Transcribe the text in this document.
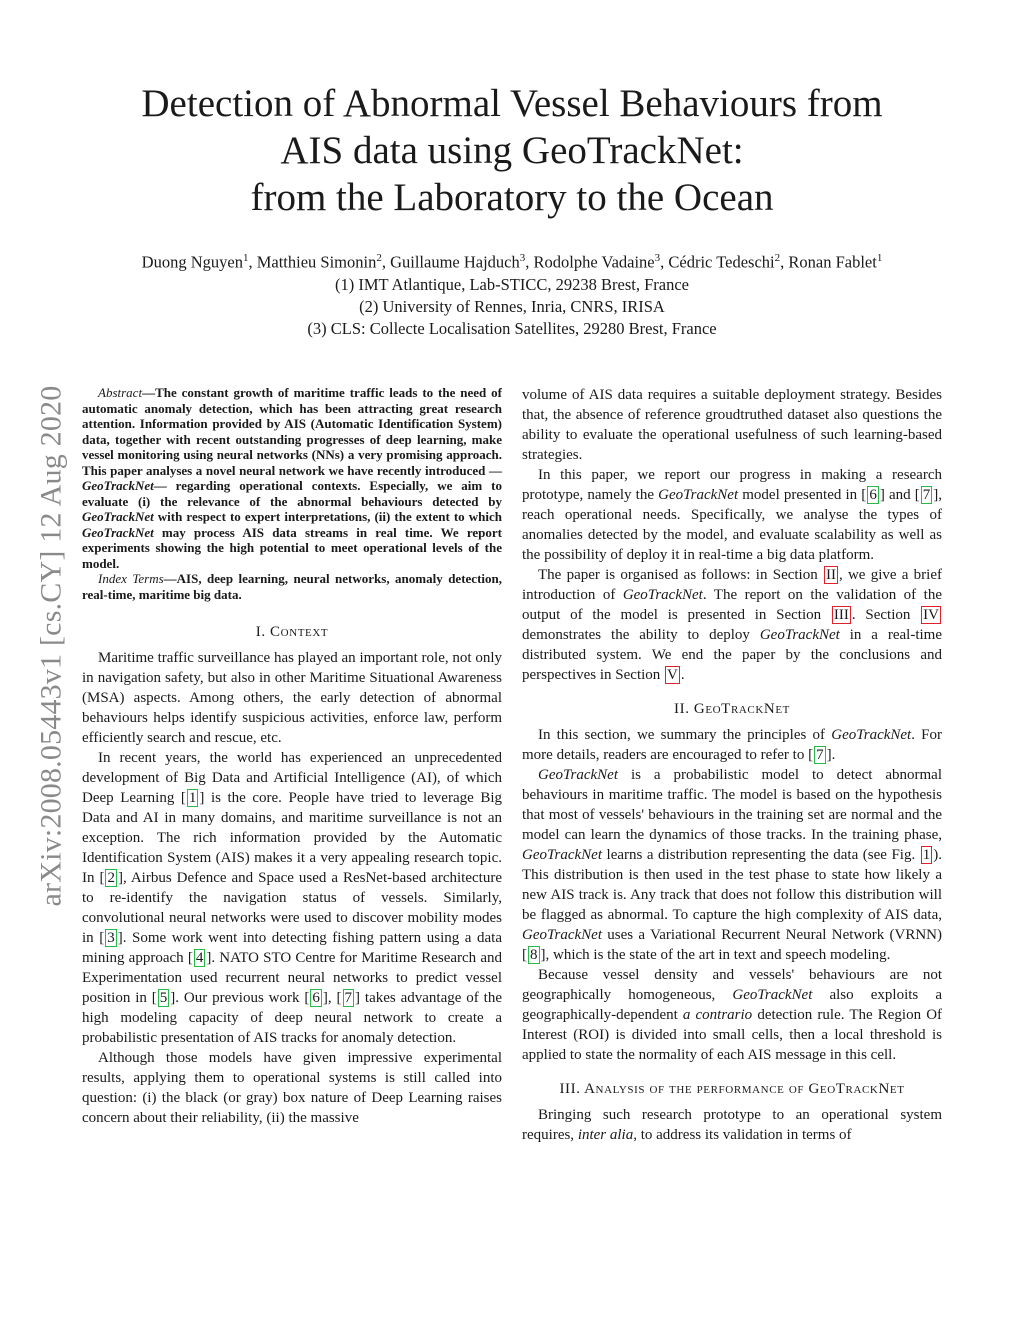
arXiv:2008.05443v1 [cs.CY] 12 Aug 2020
Detection of Abnormal Vessel Behaviours from
AIS data using GeoTrackNet:
from the Laboratory to the Ocean
Duong Nguyen$^1$, Matthieu Simonin$^2$, Guillaume Hajduch$^3$, Rodolphe Vadaine$^3$, Cédric Tedeschi$^2$, Ronan Fablet$^1$
(1) IMT Atlantique, Lab-STICC, 29238 Brest, France
(2) University of Rennes, Inria, CNRS, IRISA
(3) CLS: Collecte Localisation Satellites, 29280 Brest, France

Abstract—The constant growth of maritime traffic leads to the need of automatic anomaly detection, which has been attracting great research attention. Information provided by AIS (Automatic Identification System) data, together with recent outstanding progresses of deep learning, make vessel monitoring using neural networks (NNs) a very promising approach. This paper analyses a novel neural network we have recently introduced —GeoTrackNet— regarding operational contexts. Especially, we aim to evaluate (i) the relevance of the abnormal behaviours detected by GeoTrackNet with respect to expert interpretations, (ii) the extent to which GeoTrackNet may process AIS data streams in real time. We report experiments showing the high potential to meet operational levels of the model.

Index Terms—AIS, deep learning, neural networks, anomaly detection, real-time, maritime big data.

I. Context

Maritime traffic surveillance has played an important role, not only in navigation safety, but also in other Maritime Situational Awareness (MSA) aspects. Among others, the early detection of abnormal behaviours helps identify suspicious activities, enforce law, perform efficiently search and rescue, etc.

In recent years, the world has experienced an unprecedented development of Big Data and Artificial Intelligence (AI), of which Deep Learning [ 1 ] is the core. People have tried to leverage Big Data and AI in many domains, and maritime surveillance is not an exception. The rich information provided by the Automatic Identification System (AIS) makes it a very appealing research topic. In [ 2 ], Airbus Defence and Space used a ResNet-based architecture to re-identify the navigation status of vessels. Similarly, convolutional neural networks were used to discover mobility modes in [ 3 ]. Some work went into detecting fishing pattern using a data mining approach [ 4 ]. NATO STO Centre for Maritime Research and Experimentation used recurrent neural networks to predict vessel position in [ 5 ]. Our previous work [ 6 ], [ 7 ] takes advantage of the high modeling capacity of deep neural network to create a probabilistic presentation of AIS tracks for anomaly detection.

Although those models have given impressive experimental results, applying them to operational systems is still called into question: (i) the black (or gray) box nature of Deep Learning raises concern about their reliability, (ii) the massive

volume of AIS data requires a suitable deployment strategy. Besides that, the absence of reference groudtruthed dataset also questions the ability to evaluate the operational usefulness of such learning-based strategies.

In this paper, we report our progress in making a research prototype, namely the GeoTrackNet model presented in [ 6 ] and [ 7 ], reach operational needs. Specifically, we analyse the types of anomalies detected by the model, and evaluate scalability as well as the possibility of deploy it in real-time a big data platform.

The paper is organised as follows: in Section II , we give a brief introduction of GeoTrackNet. The report on the validation of the output of the model is presented in Section III . Section IV demonstrates the ability to deploy GeoTrackNet in a real-time distributed system. We end the paper by the conclusions and perspectives in Section V .

II. GeoTrackNet

In this section, we summary the principles of GeoTrackNet. For more details, readers are encouraged to refer to [ 7 ].

GeoTrackNet is a probabilistic model to detect abnormal behaviours in maritime traffic. The model is based on the hypothesis that most of vessels' behaviours in the training set are normal and the model can learn the dynamics of those tracks. In the training phase, GeoTrackNet learns a distribution representing the data (see Fig. 1 ). This distribution is then used in the test phase to state how likely a new AIS track is. Any track that does not follow this distribution will be flagged as abnormal. To capture the high complexity of AIS data, GeoTrackNet uses a Variational Recurrent Neural Network (VRNN) [ 8 ], which is the state of the art in text and speech modeling.

Because vessel density and vessels' behaviours are not geographically homogeneous, GeoTrackNet also exploits a geographically-dependent a contrario detection rule. The Region Of Interest (ROI) is divided into small cells, then a local threshold is applied to state the normality of each AIS message in this cell.

III. Analysis of the performance of GeoTrackNet

Bringing such research prototype to an operational system requires, inter alia, to address its validation in terms of
